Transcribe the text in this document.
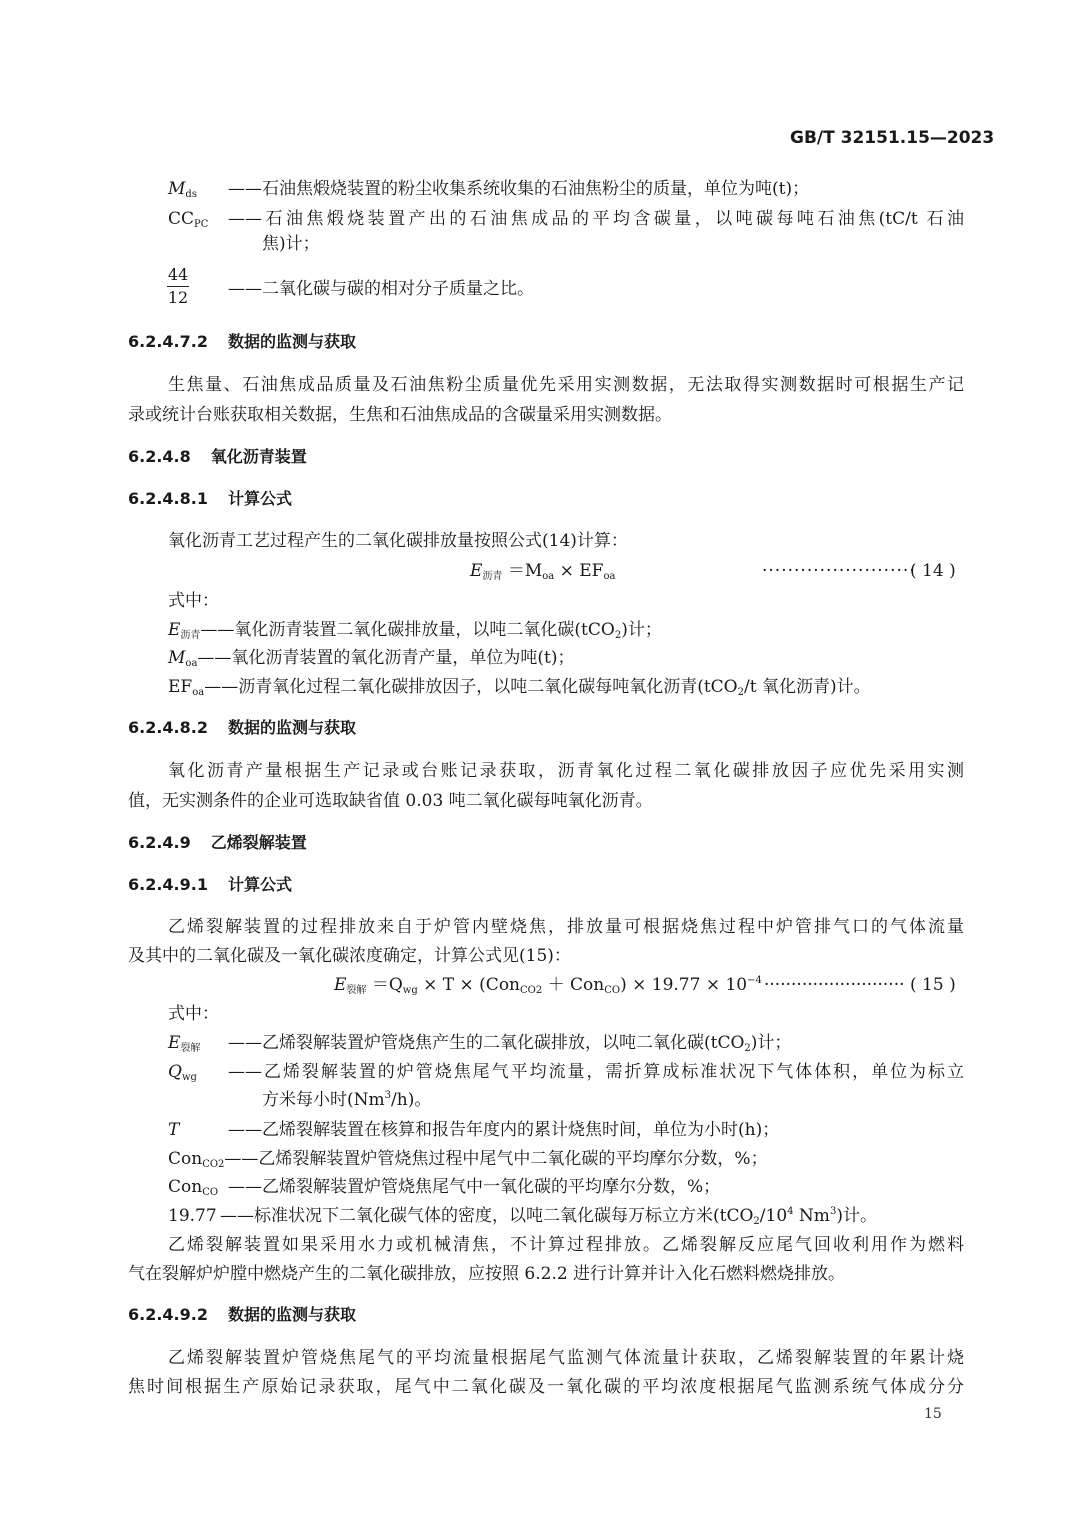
GB/T 32151.15—2023
$M_{ds}$ ——石油焦煅烧装置的粉尘收集系统收集的石油焦粉尘的质量，单位为吨(t)；
$CC_{PC}$ ——石油焦煅烧装置产出的石油焦成品的平均含碳量，以吨碳每吨石油焦(tC/t 石油
焦)计；
44
12 ——二氧化碳与碳的相对分子质量之比。
6.2.4.7.2 数据的监测与获取
生焦量、石油焦成品质量及石油焦粉尘质量优先采用实测数据，无法取得实测数据时可根据生产记
录或统计台账获取相关数据，生焦和石油焦成品的含碳量采用实测数据。
6.2.4.8 氧化沥青装置
6.2.4.8.1 计算公式
氧化沥青工艺过程产生的二氧化碳排放量按照公式(14)计算：
$E_{沥青} =M_{oa} \times EF_{oa}$	························
( 14 )
式中：
$E_{沥青}——$氧化沥青装置二氧化碳排放量，以吨二氧化碳(tCO$_2$)计；
$M_{oa}——$氧化沥青装置的氧化沥青产量，单位为吨(t)；
$EF_{oa}——$沥青氧化过程二氧化碳排放因子，以吨二氧化碳每吨氧化沥青(tCO$_2$/t 氧化沥青)计。
6.2.4.8.2 数据的监测与获取
氧化沥青产量根据生产记录或台账记录获取，沥青氧化过程二氧化碳排放因子应优先采用实测
值，无实测条件的企业可选取缺省值 0.03 吨二氧化碳每吨氧化沥青。
6.2.4.9 乙烯裂解装置
6.2.4.9.1 计算公式
乙烯裂解装置的过程排放来自于炉管内壁烧焦，排放量可根据烧焦过程中炉管排气口的气体流量
及其中的二氧化碳及一氧化碳浓度确定，计算公式见(15)：
$E_{裂解} =Q_{wg} \times T \times (Con_{CO2} + Con_{CO}) \times 19.77 \times 10^{-4}$ ·························· ( 15 )
式中：
$E_{裂解}$ ——乙烯裂解装置炉管烧焦产生的二氧化碳排放，以吨二氧化碳(tCO$_2$)计；
$Q_{wg}$ ——乙烯裂解装置的炉管烧焦尾气平均流量，需折算成标准状况下气体体积，单位为标立
方米每小时(Nm$^3$/h)。
T	——乙烯裂解装置在核算和报告年度内的累计烧焦时间，单位为小时(h)；
Con$_{CO2}$——乙烯裂解装置炉管烧焦过程中尾气中二氧化碳的平均摩尔分数，%；
Con$_{CO}$ ——乙烯裂解装置炉管烧焦尾气中一氧化碳的平均摩尔分数，%；
19.77 ——标准状况下二氧化碳气体的密度，以吨二氧化碳每万标立方米($tCO_2/10^4$ Nm$^3$)计。
乙烯裂解装置如果采用水力或机械清焦，不计算过程排放。乙烯裂解反应尾气回收利用作为燃料
气在裂解炉炉膛中燃烧产生的二氧化碳排放，应按照 6.2.2 进行计算并计入化石燃料燃烧排放。
6.2.4.9.2 数据的监测与获取
乙烯裂解装置炉管烧焦尾气的平均流量根据尾气监测气体流量计获取，乙烯裂解装置的年累计烧
焦时间根据生产原始记录获取，尾气中二氧化碳及一氧化碳的平均浓度根据尾气监测系统气体成分分
15
